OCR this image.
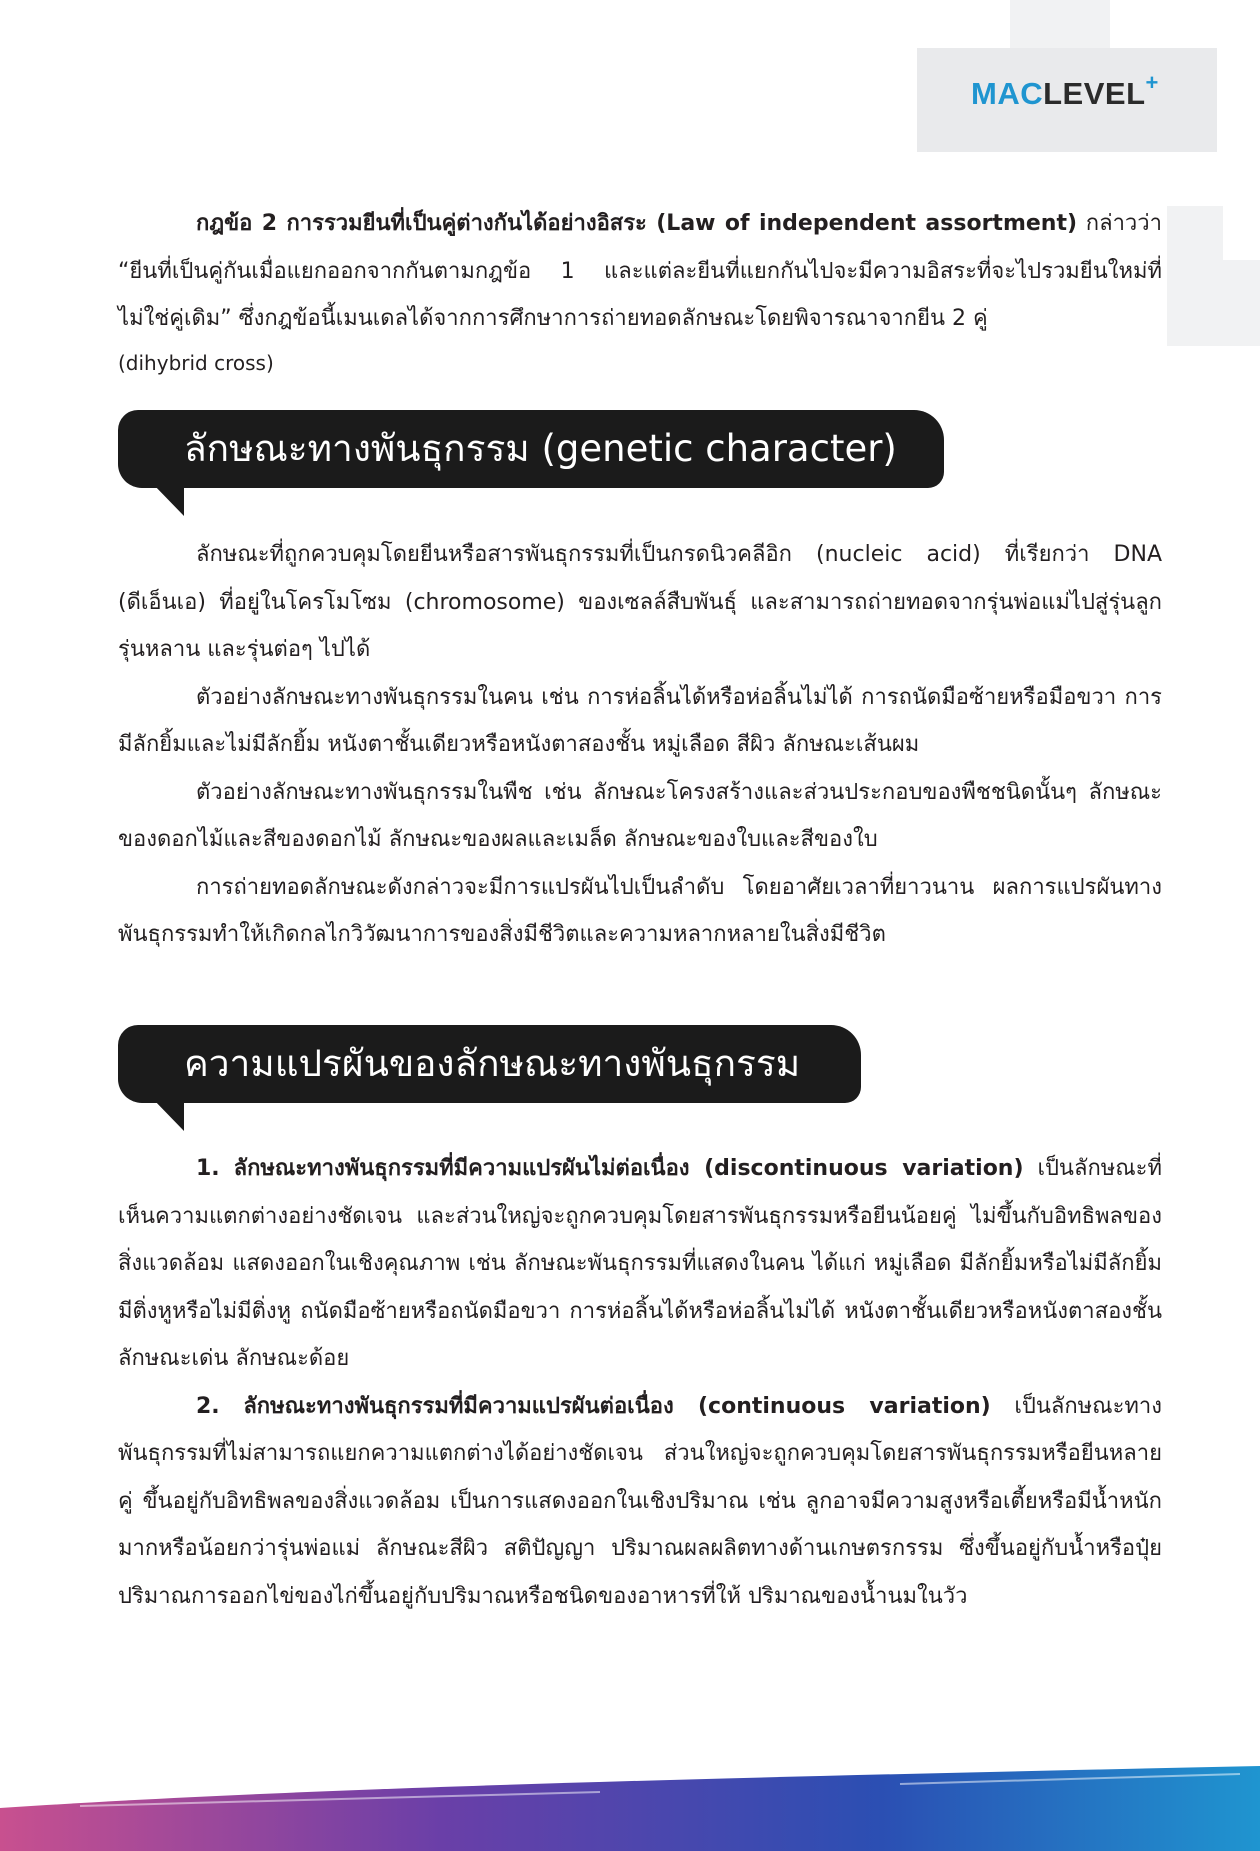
MACLEVEL+

กฎข้อ 2 การรวมยีนที่เป็นคู่ต่างกันได้อย่างอิสระ (Law of independent assortment) กล่าวว่า “ยีนที่เป็นคู่กันเมื่อแยกออกจากกันตามกฎข้อ 1 และแต่ละยีนที่แยกกันไปจะมีความอิสระที่จะไปรวมยีนใหม่ที่ไม่ใช่คู่เดิม” ซึ่งกฎข้อนี้เมนเดลได้จากการศึกษาการถ่ายทอดลักษณะโดยพิจารณาจากยีน 2 คู่

(dihybrid cross)

ลักษณะทางพันธุกรรม (genetic character)

ลักษณะที่ถูกควบคุมโดยยีนหรือสารพันธุกรรมที่เป็นกรดนิวคลีอิก (nucleic acid) ที่เรียกว่า DNA (ดีเอ็นเอ) ที่อยู่ในโครโมโซม (chromosome) ของเซลล์สืบพันธุ์ และสามารถถ่ายทอดจากรุ่นพ่อแม่ไปสู่รุ่นลูก รุ่นหลาน และรุ่นต่อๆ ไปได้

ตัวอย่างลักษณะทางพันธุกรรมในคน เช่น การห่อลิ้นได้หรือห่อลิ้นไม่ได้ การถนัดมือซ้ายหรือมือขวา การมีลักยิ้มและไม่มีลักยิ้ม หนังตาชั้นเดียวหรือหนังตาสองชั้น หมู่เลือด สีผิว ลักษณะเส้นผม

ตัวอย่างลักษณะทางพันธุกรรมในพืช เช่น ลักษณะโครงสร้างและส่วนประกอบของพืชชนิดนั้นๆ ลักษณะของดอกไม้และสีของดอกไม้ ลักษณะของผลและเมล็ด ลักษณะของใบและสีของใบ

การถ่ายทอดลักษณะดังกล่าวจะมีการแปรผันไปเป็นลำดับ โดยอาศัยเวลาที่ยาวนาน ผลการแปรผันทางพันธุกรรมทำให้เกิดกลไกวิวัฒนาการของสิ่งมีชีวิตและความหลากหลายในสิ่งมีชีวิต

ความแปรผันของลักษณะทางพันธุกรรม

1. ลักษณะทางพันธุกรรมที่มีความแปรผันไม่ต่อเนื่อง (discontinuous variation) เป็นลักษณะที่เห็นความแตกต่างอย่างชัดเจน และส่วนใหญ่จะถูกควบคุมโดยสารพันธุกรรมหรือยีนน้อยคู่ ไม่ขึ้นกับอิทธิพลของสิ่งแวดล้อม แสดงออกในเชิงคุณภาพ เช่น ลักษณะพันธุกรรมที่แสดงในคน ได้แก่ หมู่เลือด มีลักยิ้มหรือไม่มีลักยิ้ม มีติ่งหูหรือไม่มีติ่งหู ถนัดมือซ้ายหรือถนัดมือขวา การห่อลิ้นได้หรือห่อลิ้นไม่ได้ หนังตาชั้นเดียวหรือหนังตาสองชั้น ลักษณะเด่น ลักษณะด้อย

2. ลักษณะทางพันธุกรรมที่มีความแปรผันต่อเนื่อง (continuous variation) เป็นลักษณะทางพันธุกรรมที่ไม่สามารถแยกความแตกต่างได้อย่างชัดเจน ส่วนใหญ่จะถูกควบคุมโดยสารพันธุกรรมหรือยีนหลายคู่ ขึ้นอยู่กับอิทธิพลของสิ่งแวดล้อม เป็นการแสดงออกในเชิงปริมาณ เช่น ลูกอาจมีความสูงหรือเตี้ยหรือมีน้ำหนักมากหรือน้อยกว่ารุ่นพ่อแม่ ลักษณะสีผิว สติปัญญา ปริมาณผลผลิตทางด้านเกษตรกรรม ซึ่งขึ้นอยู่กับน้ำหรือปุ๋ย ปริมาณการออกไข่ของไก่ขึ้นอยู่กับปริมาณหรือชนิดของอาหารที่ให้ ปริมาณของน้ำนมในวัว
